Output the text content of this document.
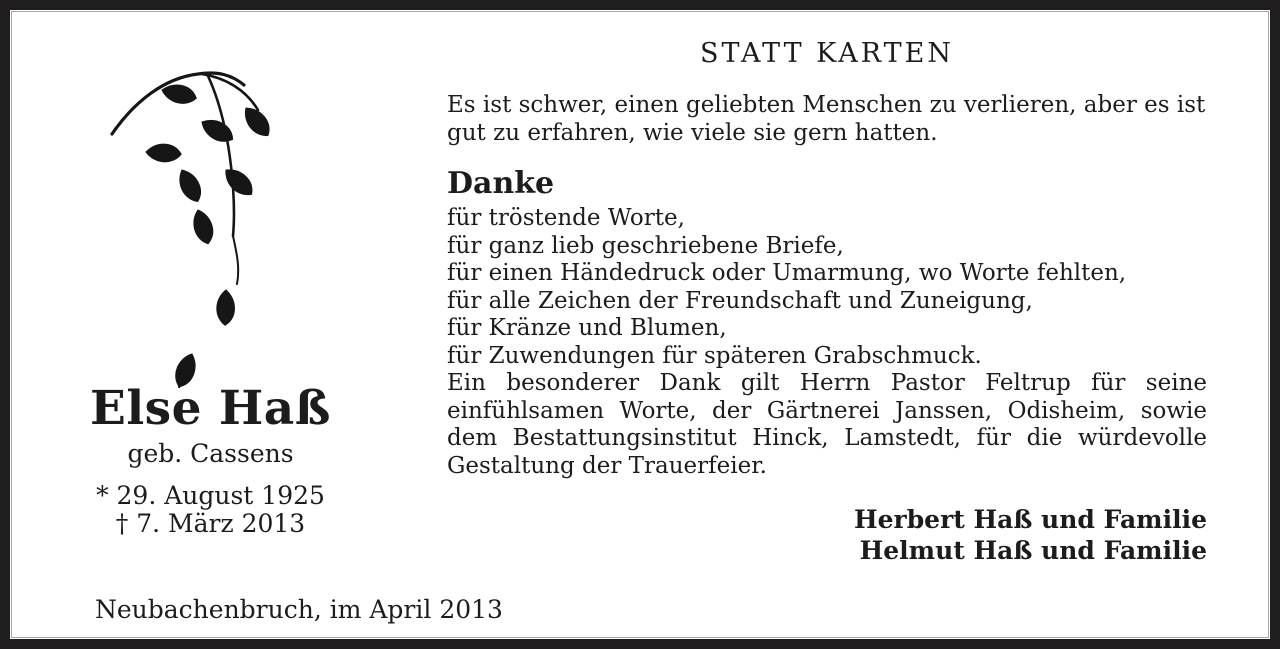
Else Haß
geb. Cassens
* 29. August 1925
† 7. März 2013
STATT KARTEN
Es ist schwer, einen geliebten Menschen zu verlieren, aber es ist gut zu erfahren, wie viele sie gern hatten.
Danke
für tröstende Worte,
für ganz lieb geschriebene Briefe,
für einen Händedruck oder Umarmung, wo Worte fehlten,
für alle Zeichen der Freundschaft und Zuneigung,
für Kränze und Blumen,
für Zuwendungen für späteren Grabschmuck.
Ein besonderer Dank gilt Herrn Pastor Feltrup für seine einfühlsamen Worte, der Gärtnerei Janssen, Odisheim, sowie dem Bestattungsinstitut Hinck, Lamstedt, für die würdevolle Gestaltung der Trauerfeier.
Herbert Haß und Familie
Helmut Haß und Familie
Neubachenbruch, im April 2013
